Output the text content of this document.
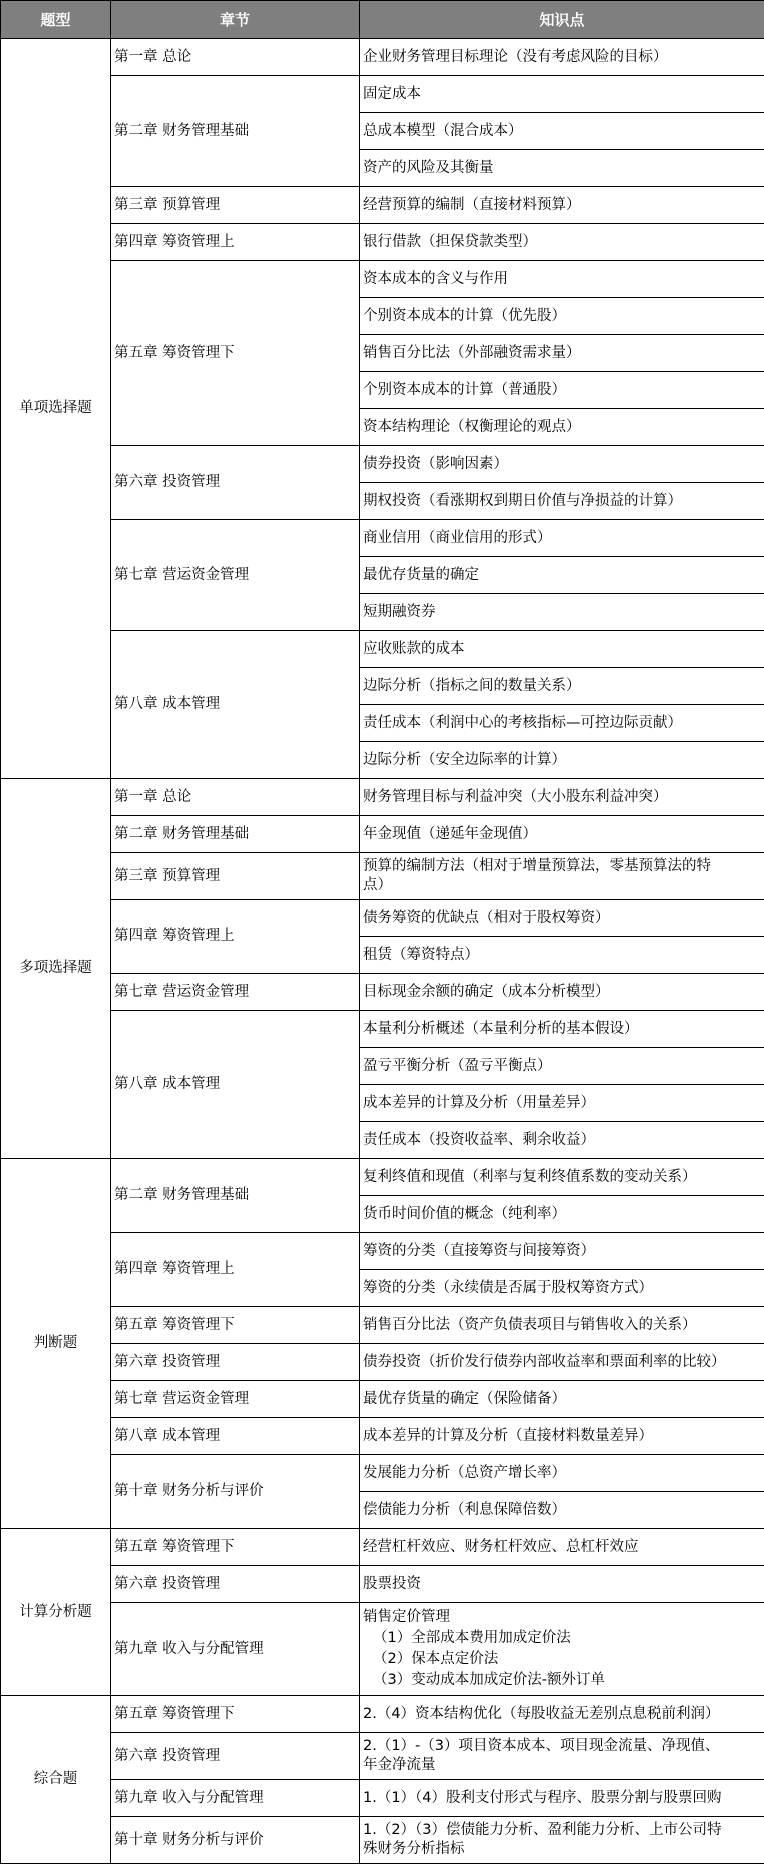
题型	章节	知识点
单项选择题	第一章 总论	企业财务管理目标理论（没有考虑风险的目标）
	第二章 财务管理基础	固定成本
		总成本模型（混合成本）
		资产的风险及其衡量
	第三章 预算管理	经营预算的编制（直接材料预算）
	第四章 筹资管理上	银行借款（担保贷款类型）
	第五章 筹资管理下	资本成本的含义与作用
		个别资本成本的计算（优先股）
		销售百分比法（外部融资需求量）
		个别资本成本的计算（普通股）
		资本结构理论（权衡理论的观点）
	第六章 投资管理	债券投资（影响因素）
		期权投资（看涨期权到期日价值与净损益的计算）
	第七章 营运资金管理	商业信用（商业信用的形式）
		最优存货量的确定
		短期融资券
	第八章 成本管理	应收账款的成本
		边际分析（指标之间的数量关系）
		责任成本（利润中心的考核指标—可控边际贡献）
		边际分析（安全边际率的计算）
多项选择题	第一章 总论	财务管理目标与利益冲突（大小股东利益冲突）
	第二章 财务管理基础	年金现值（递延年金现值）
	第三章 预算管理	预算的编制方法（相对于增量预算法，零基预算法的特
点）

	第四章 筹资管理上	债务筹资的优缺点（相对于股权筹资）
		租赁（筹资特点）
	第七章 营运资金管理	目标现金余额的确定（成本分析模型）
	第八章 成本管理	本量利分析概述（本量利分析的基本假设）
		盈亏平衡分析（盈亏平衡点）
		成本差异的计算及分析（用量差异）
		责任成本（投资收益率、剩余收益）
判断题	第二章 财务管理基础	复利终值和现值（利率与复利终值系数的变动关系）
		货币时间价值的概念（纯利率）
	第四章 筹资管理上	筹资的分类（直接筹资与间接筹资）
		筹资的分类（永续债是否属于股权筹资方式）
	第五章 筹资管理下	销售百分比法（资产负债表项目与销售收入的关系）
	第六章 投资管理	债券投资（折价发行债券内部收益率和票面利率的比较）
	第七章 营运资金管理	最优存货量的确定（保险储备）
	第八章 成本管理	成本差异的计算及分析（直接材料数量差异）
	第十章 财务分析与评价	发展能力分析（总资产增长率）
		偿债能力分析（利息保障倍数）
计算分析题	第五章 筹资管理下	经营杠杆效应、财务杠杆效应、总杠杆效应
	第六章 投资管理	股票投资
	第九章 收入与分配管理	销售定价管理
（1）全部成本费用加成定价法
（2）保本点定价法
（3）变动成本加成定价法-额外订单

综合题	第五章 筹资管理下	2.（4）资本结构优化（每股收益无差别点息税前利润）
	第六章 投资管理	2.（1）-（3）项目资本成本、项目现金流量、净现值、
年金净流量

	第九章 收入与分配管理	1.（1）（4）股利支付形式与程序、股票分割与股票回购
	第十章 财务分析与评价	1.（2）（3）偿债能力分析、盈利能力分析、上市公司特
殊财务分析指标
